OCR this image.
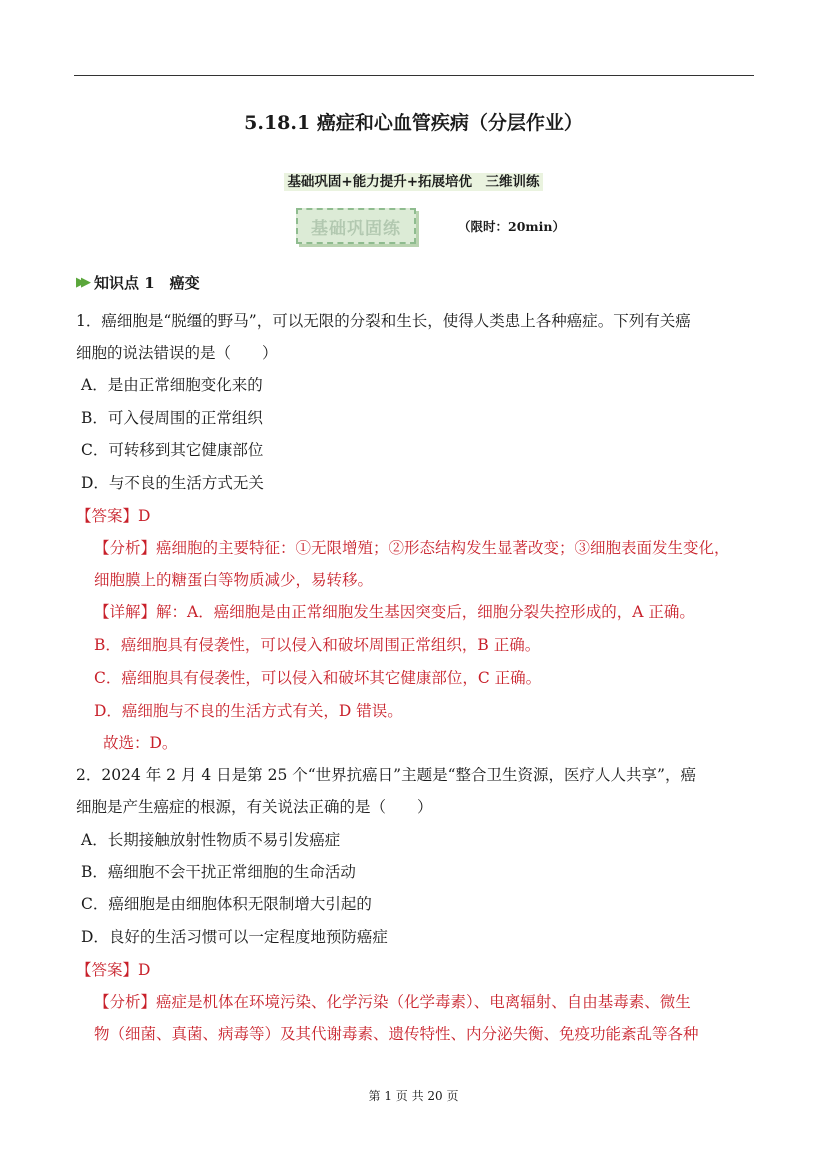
5.18.1 癌症和心血管疾病（分层作业）
基础巩固+能力提升+拓展培优　三维训练
基础巩固练	（限时：20min）
▶▶ 知识点 1　癌变
1．癌细胞是“脱缰的野马”，可以无限的分裂和生长，使得人类患上各种癌症。下列有关癌
细胞的说法错误的是（　　）
A．是由正常细胞变化来的
B．可入侵周围的正常组织
C．可转移到其它健康部位
D．与不良的生活方式无关
【答案】D
【分析】癌细胞的主要特征：①无限增殖；②形态结构发生显著改变；③细胞表面发生变化，
细胞膜上的糖蛋白等物质减少，易转移。
【详解】解：A．癌细胞是由正常细胞发生基因突变后，细胞分裂失控形成的，A 正确。
B．癌细胞具有侵袭性，可以侵入和破坏周围正常组织，B 正确。
C．癌细胞具有侵袭性，可以侵入和破坏其它健康部位，C 正确。
D．癌细胞与不良的生活方式有关，D 错误。
故选：D。
2．2024 年 2 月 4 日是第 25 个“世界抗癌日”主题是“整合卫生资源，医疗人人共享”，癌
细胞是产生癌症的根源，有关说法正确的是（　　）
A．长期接触放射性物质不易引发癌症
B．癌细胞不会干扰正常细胞的生命活动
C．癌细胞是由细胞体积无限制增大引起的
D．良好的生活习惯可以一定程度地预防癌症
【答案】D
【分析】癌症是机体在环境污染、化学污染（化学毒素）、电离辐射、自由基毒素、微生
物（细菌、真菌、病毒等）及其代谢毒素、遗传特性、内分泌失衡、免疫功能紊乱等各种
第 1 页 共 20 页
